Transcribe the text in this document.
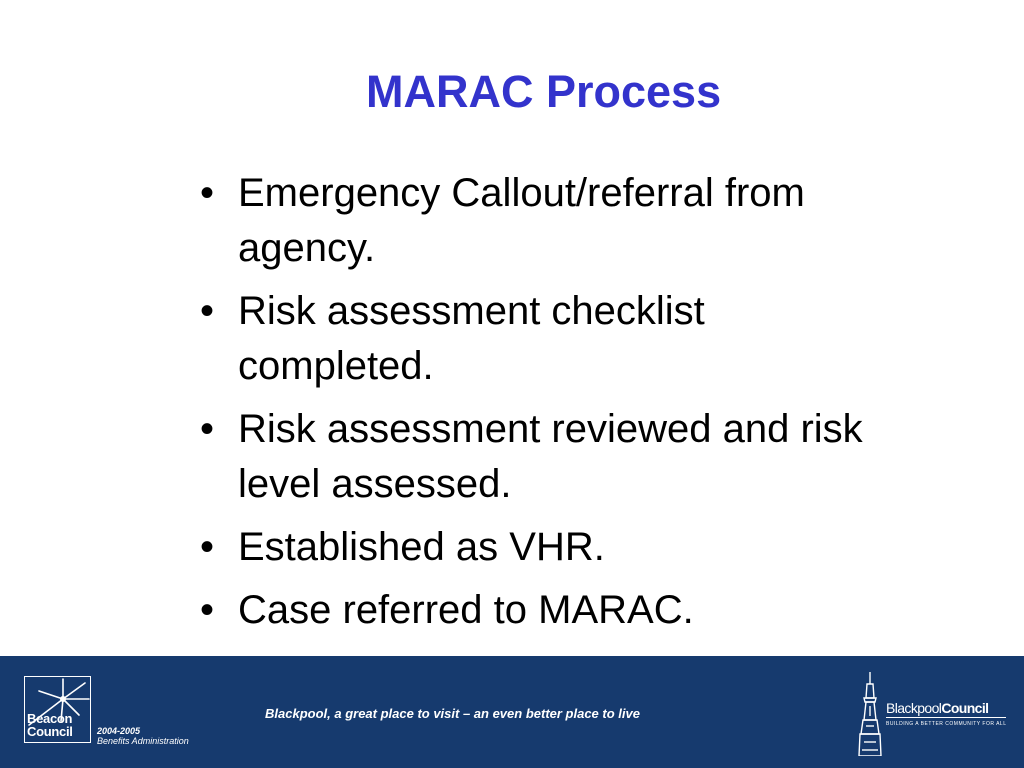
MARAC Process
• Emergency Callout/referral from agency.
• Risk assessment checklist completed.
• Risk assessment reviewed and risk level assessed.
• Established as VHR.
• Case referred to MARAC.
Beacon
Council	2004-2005
Benefits Administration
Blackpool, a great place to visit – an even better place to live	BlackpoolCouncil
BUILDING A BETTER COMMUNITY FOR ALL
